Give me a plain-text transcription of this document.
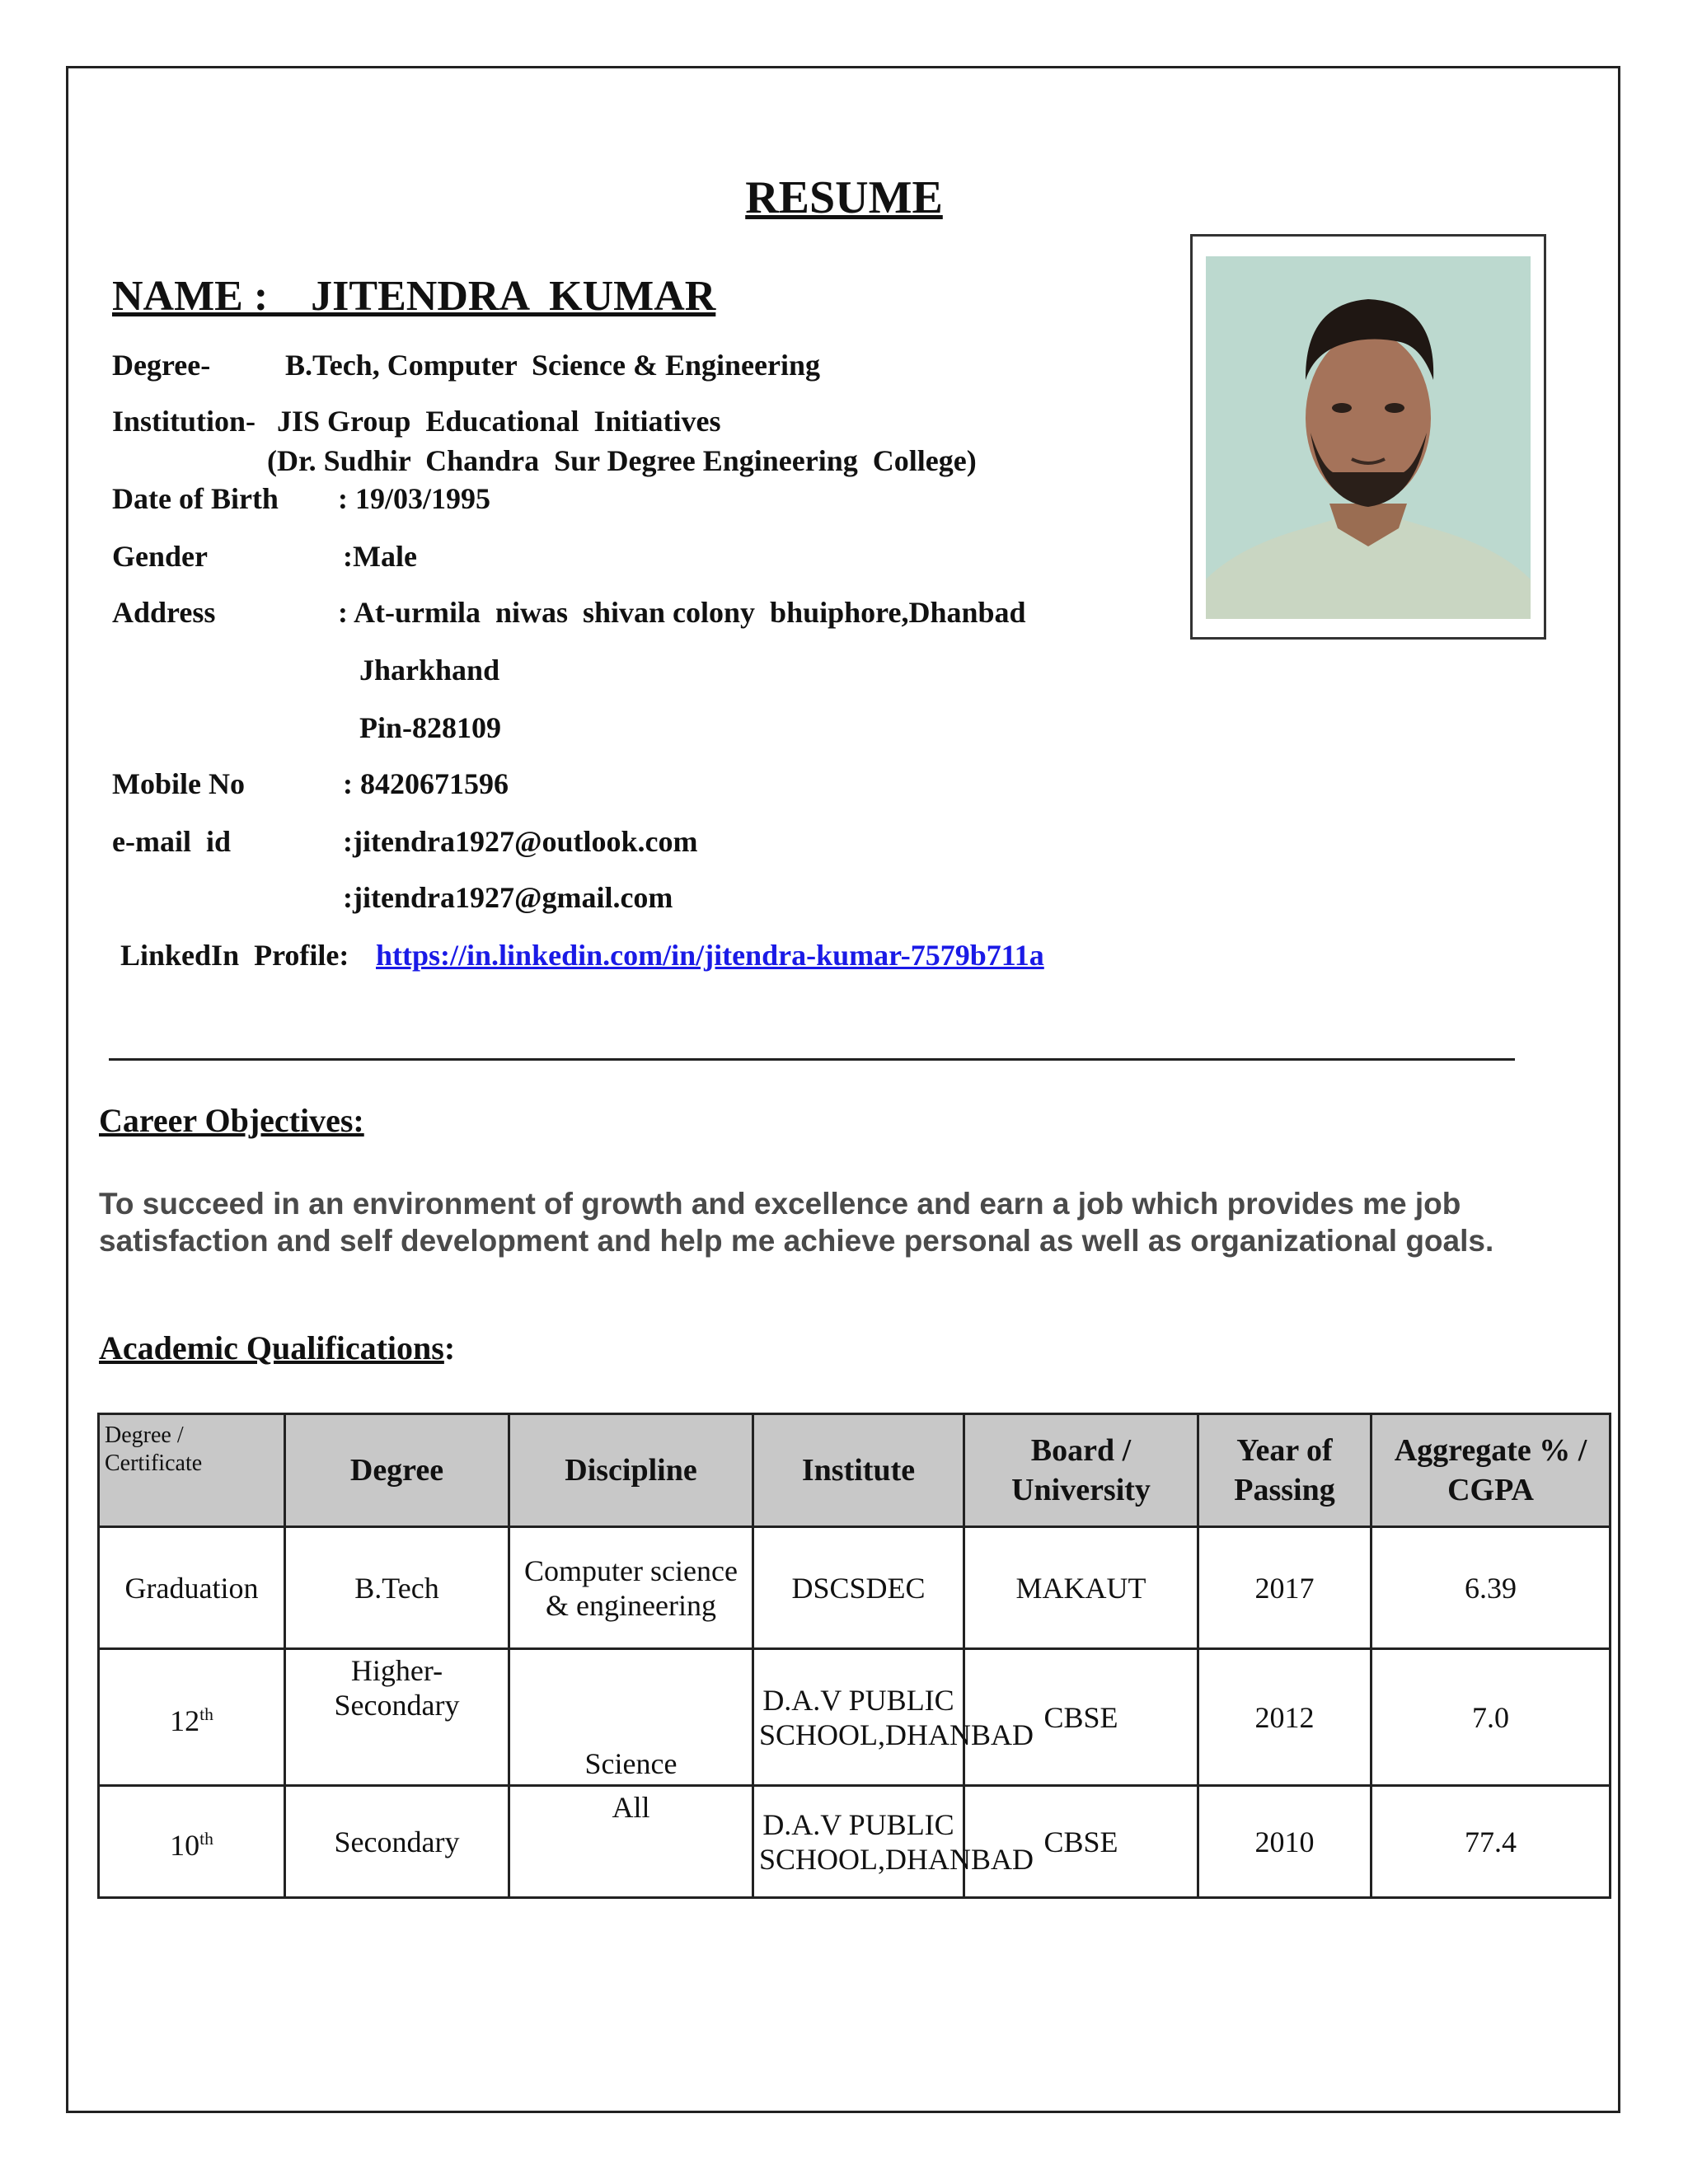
RESUME
NAME :    JITENDRA  KUMAR
Degree-	B.Tech, Computer  Science & Engineering
Institution- JIS Group  Educational  Initiatives
(Dr. Sudhir  Chandra  Sur Degree Engineering  College)
Date of Birth : 19/03/1995
Gender	:Male
Address	: At-urmila  niwas  shivan colony  bhuiphore,Dhanbad
Jharkhand
Pin-828109
Mobile No	: 8420671596
e-mail  id	:jitendra1927@outlook.com
:jitendra1927@gmail.com
LinkedIn  Profile: https://in.linkedin.com/in/jitendra-kumar-7579b711a
Career Objectives:
To succeed in an environment of growth and excellence and earn a job which provides me job satisfaction and self development and help me achieve personal as well as organizational goals.
Academic Qualifications:
Degree / Certificate	Degree	Discipline	Institute	Board / University	Year of Passing	Aggregate % / CGPA
Graduation	B.Tech	Computer science & engineering	DSCSDEC	MAKAUT	2017	6.39
12th	Higher-Secondary	Science	D.A.V PUBLIC SCHOOL,DHANBAD	CBSE	2012	7.0
10th	Secondary	All	D.A.V PUBLIC SCHOOL,DHANBAD	CBSE	2010	77.4
